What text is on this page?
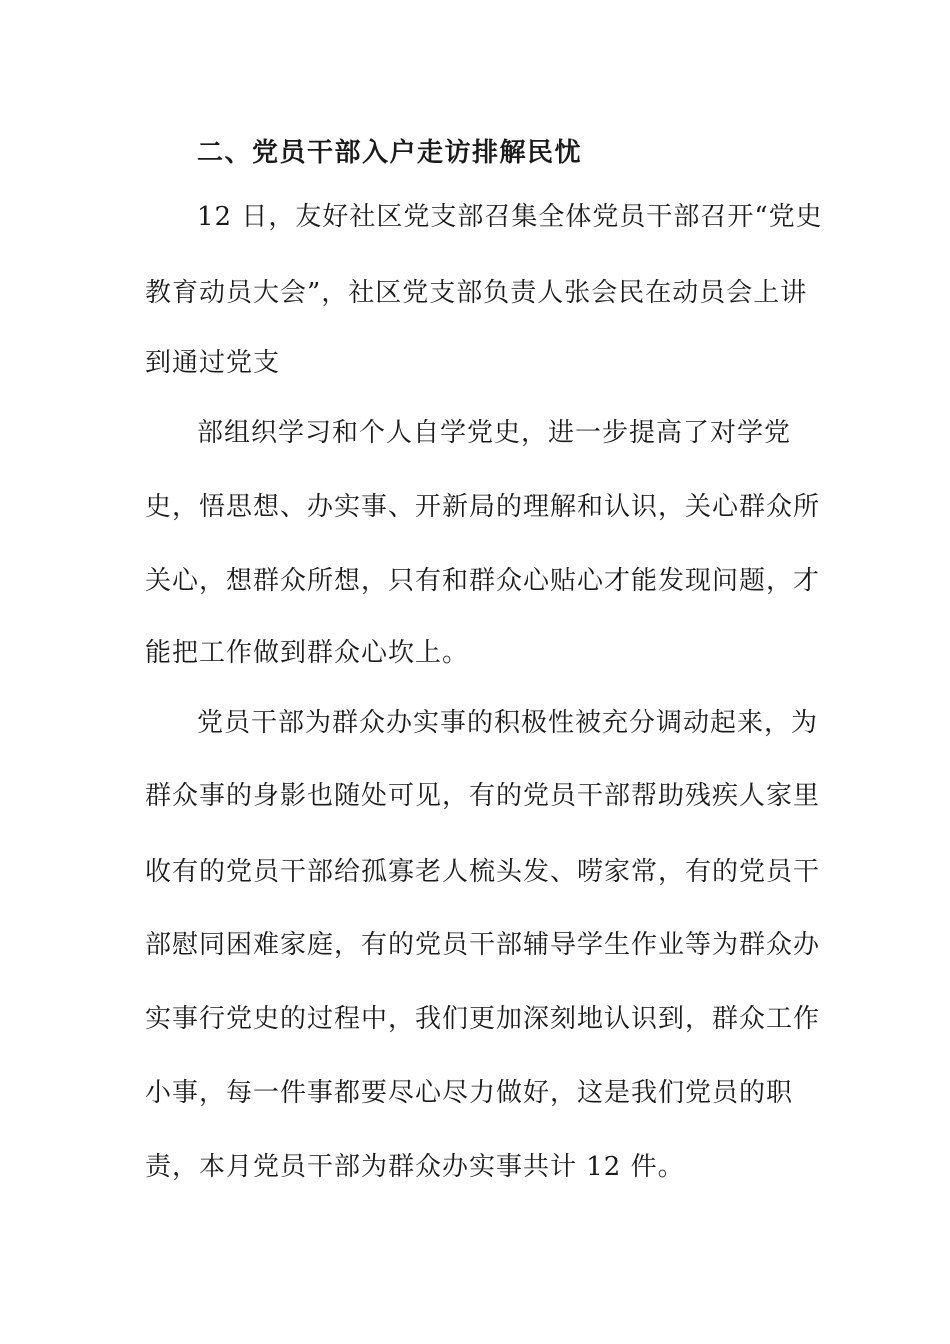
二、党员干部入户走访排解民忧
12 日，友好社区党支部召集全体党员干部召开“党史
教育动员大会”，社区党支部负责人张会民在动员会上讲
到通过党支
部组织学习和个人自学党史，进一步提高了对学党
史，悟思想、办实事、开新局的理解和认识，关心群众所
关心，想群众所想，只有和群众心贴心才能发现问题，才
能把工作做到群众心坎上。
党员干部为群众办实事的积极性被充分调动起来，为
群众事的身影也随处可见，有的党员干部帮助残疾人家里
收有的党员干部给孤寡老人梳头发、唠家常，有的党员干
部慰同困难家庭，有的党员干部辅导学生作业等为群众办
实事行党史的过程中，我们更加深刻地认识到，群众工作
小事，每一件事都要尽心尽力做好，这是我们党员的职
责，本月党员干部为群众办实事共计 12 件。
